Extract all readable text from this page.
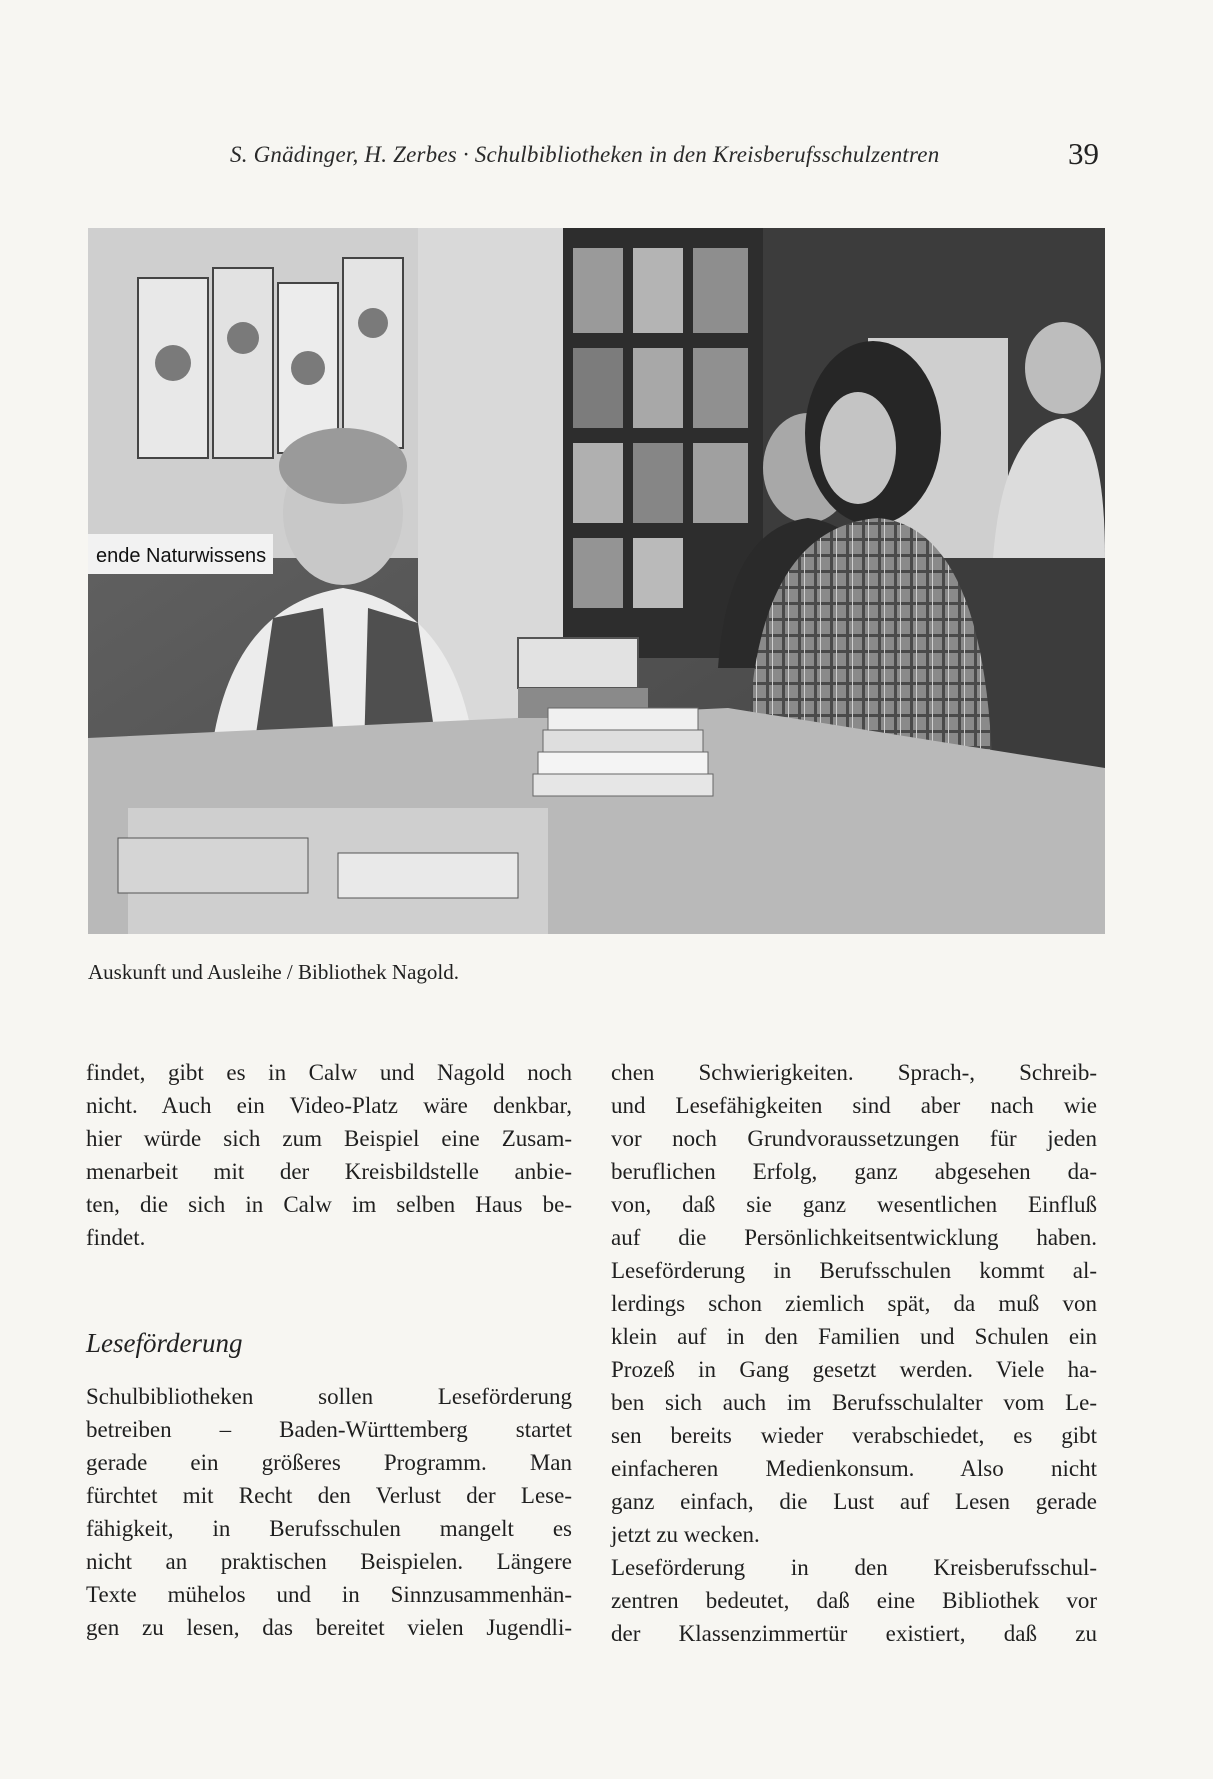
S. Gnädinger, H. Zerbes · Schulbibliotheken in den Kreisberufsschulzentren	39
ende Naturwissens
Auskunft und Ausleihe / Bibliothek Nagold.
findet, gibt es in Calw und Nagold noch
nicht. Auch ein Video-Platz wäre denkbar,
hier würde sich zum Beispiel eine Zusam-
menarbeit mit der Kreisbildstelle anbie-
ten, die sich in Calw im selben Haus be-
findet.
Leseförderung
Schulbibliotheken sollen Leseförderung
betreiben – Baden-Württemberg startet
gerade ein größeres Programm. Man
fürchtet mit Recht den Verlust der Lese-
fähigkeit, in Berufsschulen mangelt es
nicht an praktischen Beispielen. Längere
Texte mühelos und in Sinnzusammenhän-
gen zu lesen, das bereitet vielen Jugendli-
chen Schwierigkeiten. Sprach-, Schreib-
und Lesefähigkeiten sind aber nach wie
vor noch Grundvoraussetzungen für jeden
beruflichen Erfolg, ganz abgesehen da-
von, daß sie ganz wesentlichen Einfluß
auf die Persönlichkeitsentwicklung haben.
Leseförderung in Berufsschulen kommt al-
lerdings schon ziemlich spät, da muß von
klein auf in den Familien und Schulen ein
Prozeß in Gang gesetzt werden. Viele ha-
ben sich auch im Berufsschulalter vom Le-
sen bereits wieder verabschiedet, es gibt
einfacheren Medienkonsum. Also nicht
ganz einfach, die Lust auf Lesen gerade
jetzt zu wecken.
Leseförderung in den Kreisberufsschul-
zentren bedeutet, daß eine Bibliothek vor
der Klassenzimmertür existiert, daß zu
